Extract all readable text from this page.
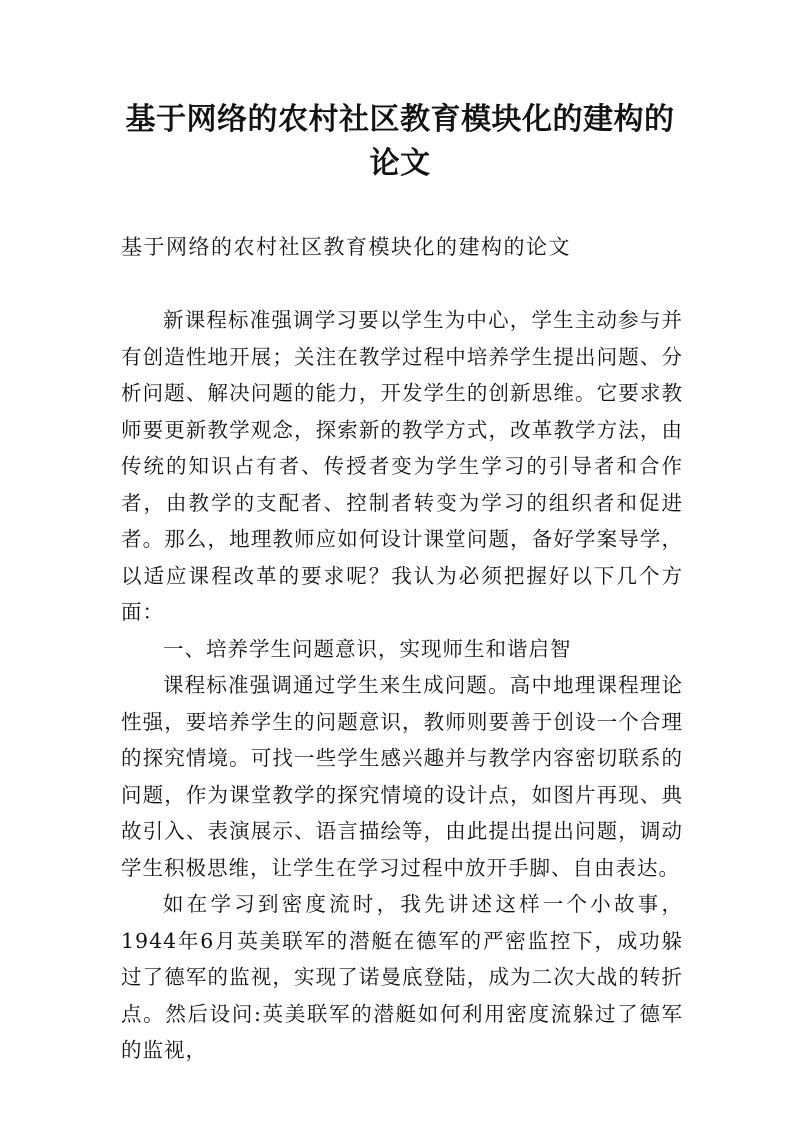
基于网络的农村社区教育模块化的建构的
论文

基于网络的农村社区教育模块化的建构的论文

新课程标准强调学习要以学生为中心，学生主动参与并有创造性地开展；关注在教学过程中培养学生提出问题、分析问题、解决问题的能力，开发学生的创新思维。它要求教师要更新教学观念，探索新的教学方式，改革教学方法，由传统的知识占有者、传授者变为学生学习的引导者和合作者，由教学的支配者、控制者转变为学习的组织者和促进者。那么，地理教师应如何设计课堂问题，备好学案导学，以适应课程改革的要求呢？我认为必须把握好以下几个方面：

一、培养学生问题意识，实现师生和谐启智

课程标准强调通过学生来生成问题。高中地理课程理论性强，要培养学生的问题意识，教师则要善于创设一个合理的探究情境。可找一些学生感兴趣并与教学内容密切联系的问题，作为课堂教学的探究情境的设计点，如图片再现、典故引入、表演展示、语言描绘等，由此提出提出问题，调动学生积极思维，让学生在学习过程中放开手脚、自由表达。

如在学习到密度流时，我先讲述这样一个小故事，1944年6月英美联军的潜艇在德军的严密监控下，成功躲过了德军的监视，实现了诺曼底登陆，成为二次大战的转折点。然后设问:英美联军的潜艇如何利用密度流躲过了德军的监视，
